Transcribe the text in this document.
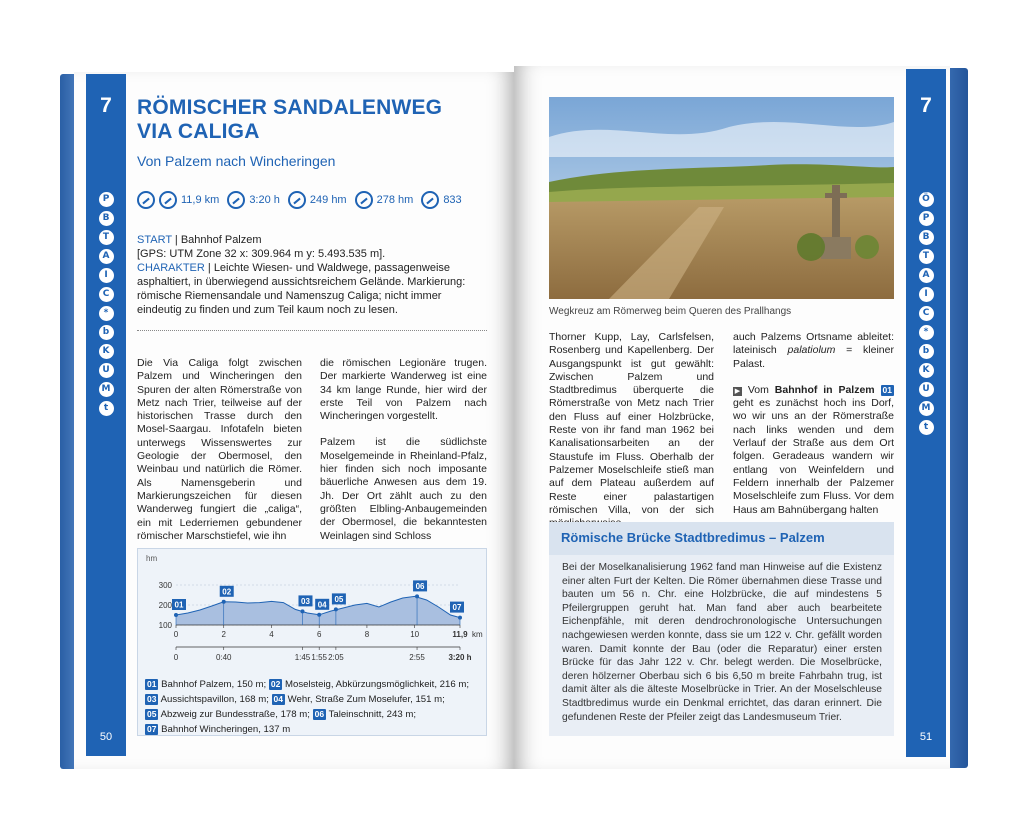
7
P
B
T
A
I
C
*
b
K
U
M
t
50
7
Ö
P
B
T
A
I
C
*
b
K
U
M
t
51
RÖMISCHER SANDALENWEG
VIA CALIGA
Von Palzem nach Wincheringen
11,9 km	3:20 h	249 hm	278 hm	833
START | Bahnhof Palzem
[GPS: UTM Zone 32 x: 309.964 m y: 5.493.535 m].
CHARAKTER | Leichte Wiesen- und Waldwege, passagenweise asphaltiert, in überwiegend aussichtsreichem Gelände. Markierung: römische Riemensandale und Namenszug Caliga; nicht immer eindeutig zu finden und zum Teil kaum noch zu lesen.

Die Via Caliga folgt zwischen Palzem und Wincheringen den Spuren der alten Römerstraße von Metz nach Trier, teilweise auf der historischen Trasse durch den Mosel-Saargau. Infotafeln bieten unterwegs Wissenswertes zur Geologie der Obermosel, den Weinbau und natürlich die Römer. Als Namensgeberin und Markierungszeichen für diesen Wanderweg fungiert die „caliga“, ein mit Lederriemen gebundener römischer Marschstiefel, wie ihn

die römischen Legionäre trugen. Der markierte Wanderweg ist eine 34 km lange Runde, hier wird der erste Teil von Palzem nach Wincheringen vorgestellt.

Palzem ist die südlichste Moselgemeinde in Rheinland-Pfalz, hier finden sich noch imposante bäuerliche Anwesen aus dem 19. Jh. Der Ort zählt auch zu den größten Elbling-Anbaugemeinden der Obermosel, die bekanntesten Weinlagen sind Schloss

hm
100
200
300
0	2	4	6	8	10	11,9 km
0	0:40	1:45 1:55 2:05	2:55	3:20 h
01
02
03 04
05
06
07
01 Bahnhof Palzem, 150 m; 02 Moselsteig, Abkürzungsmöglichkeit, 216 m;
03 Aussichtspavillon, 168 m; 04 Wehr, Straße Zum Moselufer, 151 m;
05 Abzweig zur Bundesstraße, 178 m; 06 Taleinschnitt, 243 m;
07 Bahnhof Wincheringen, 137 m
Wegkreuz am Römerweg beim Queren des Prallhangs

Thorner Kupp, Lay, Carlsfelsen, Rosenberg und Kapellenberg. Der Ausgangspunkt ist gut gewählt: Zwischen Palzem und Stadtbredimus überquerte die Römerstraße von Metz nach Trier den Fluss auf einer Holzbrücke, Reste von ihr fand man 1962 bei Kanalisationsarbeiten an der Staustufe im Fluss. Oberhalb der Palzemer Moselschleife stieß man auf dem Plateau außerdem auf Reste einer palastartigen römischen Villa, von der sich

auch Palzems Ortsname ableitet: lateinisch palatiolum = kleiner Palast.

▶ Vom Bahnhof in Palzem 01 geht es zunächst hoch ins Dorf, wo wir uns an der Römerstraße nach links wenden und dem Verlauf der Straße aus dem Ort folgen. Geradeaus wandern wir entlang von Weinfeldern und Feldern innerhalb der Palzemer Moselschleife zum Fluss. Vor dem Haus am Bahnübergang halten

Römische Brücke Stadtbredimus – Palzem
Bei der Moselkanalisierung 1962 fand man Hinweise auf die Existenz einer alten Furt der Kelten. Die Römer übernahmen diese Trasse und bauten um 56 n. Chr. eine Holzbrücke, die auf mindestens 5 Pfeilergruppen geruht hat. Man fand aber auch bearbeitete Eichenpfähle, mit deren dendrochronologische Untersuchungen nachgewiesen werden konnte, dass sie um 122 v. Chr. gefällt worden waren. Damit konnte der Bau (oder die Reparatur) einer ersten Brücke für das Jahr 122 v. Chr. belegt werden. Die Moselbrücke, deren hölzerner Oberbau sich 6 bis 6,50 m breite Fahrbahn trug, ist damit älter als die älteste Moselbrücke in Trier. An der Moselschleuse Stadtbredimus wurde ein Denkmal errichtet, das daran erinnert. Die gefundenen Reste der Pfeiler zeigt das Landesmuseum Trier.
